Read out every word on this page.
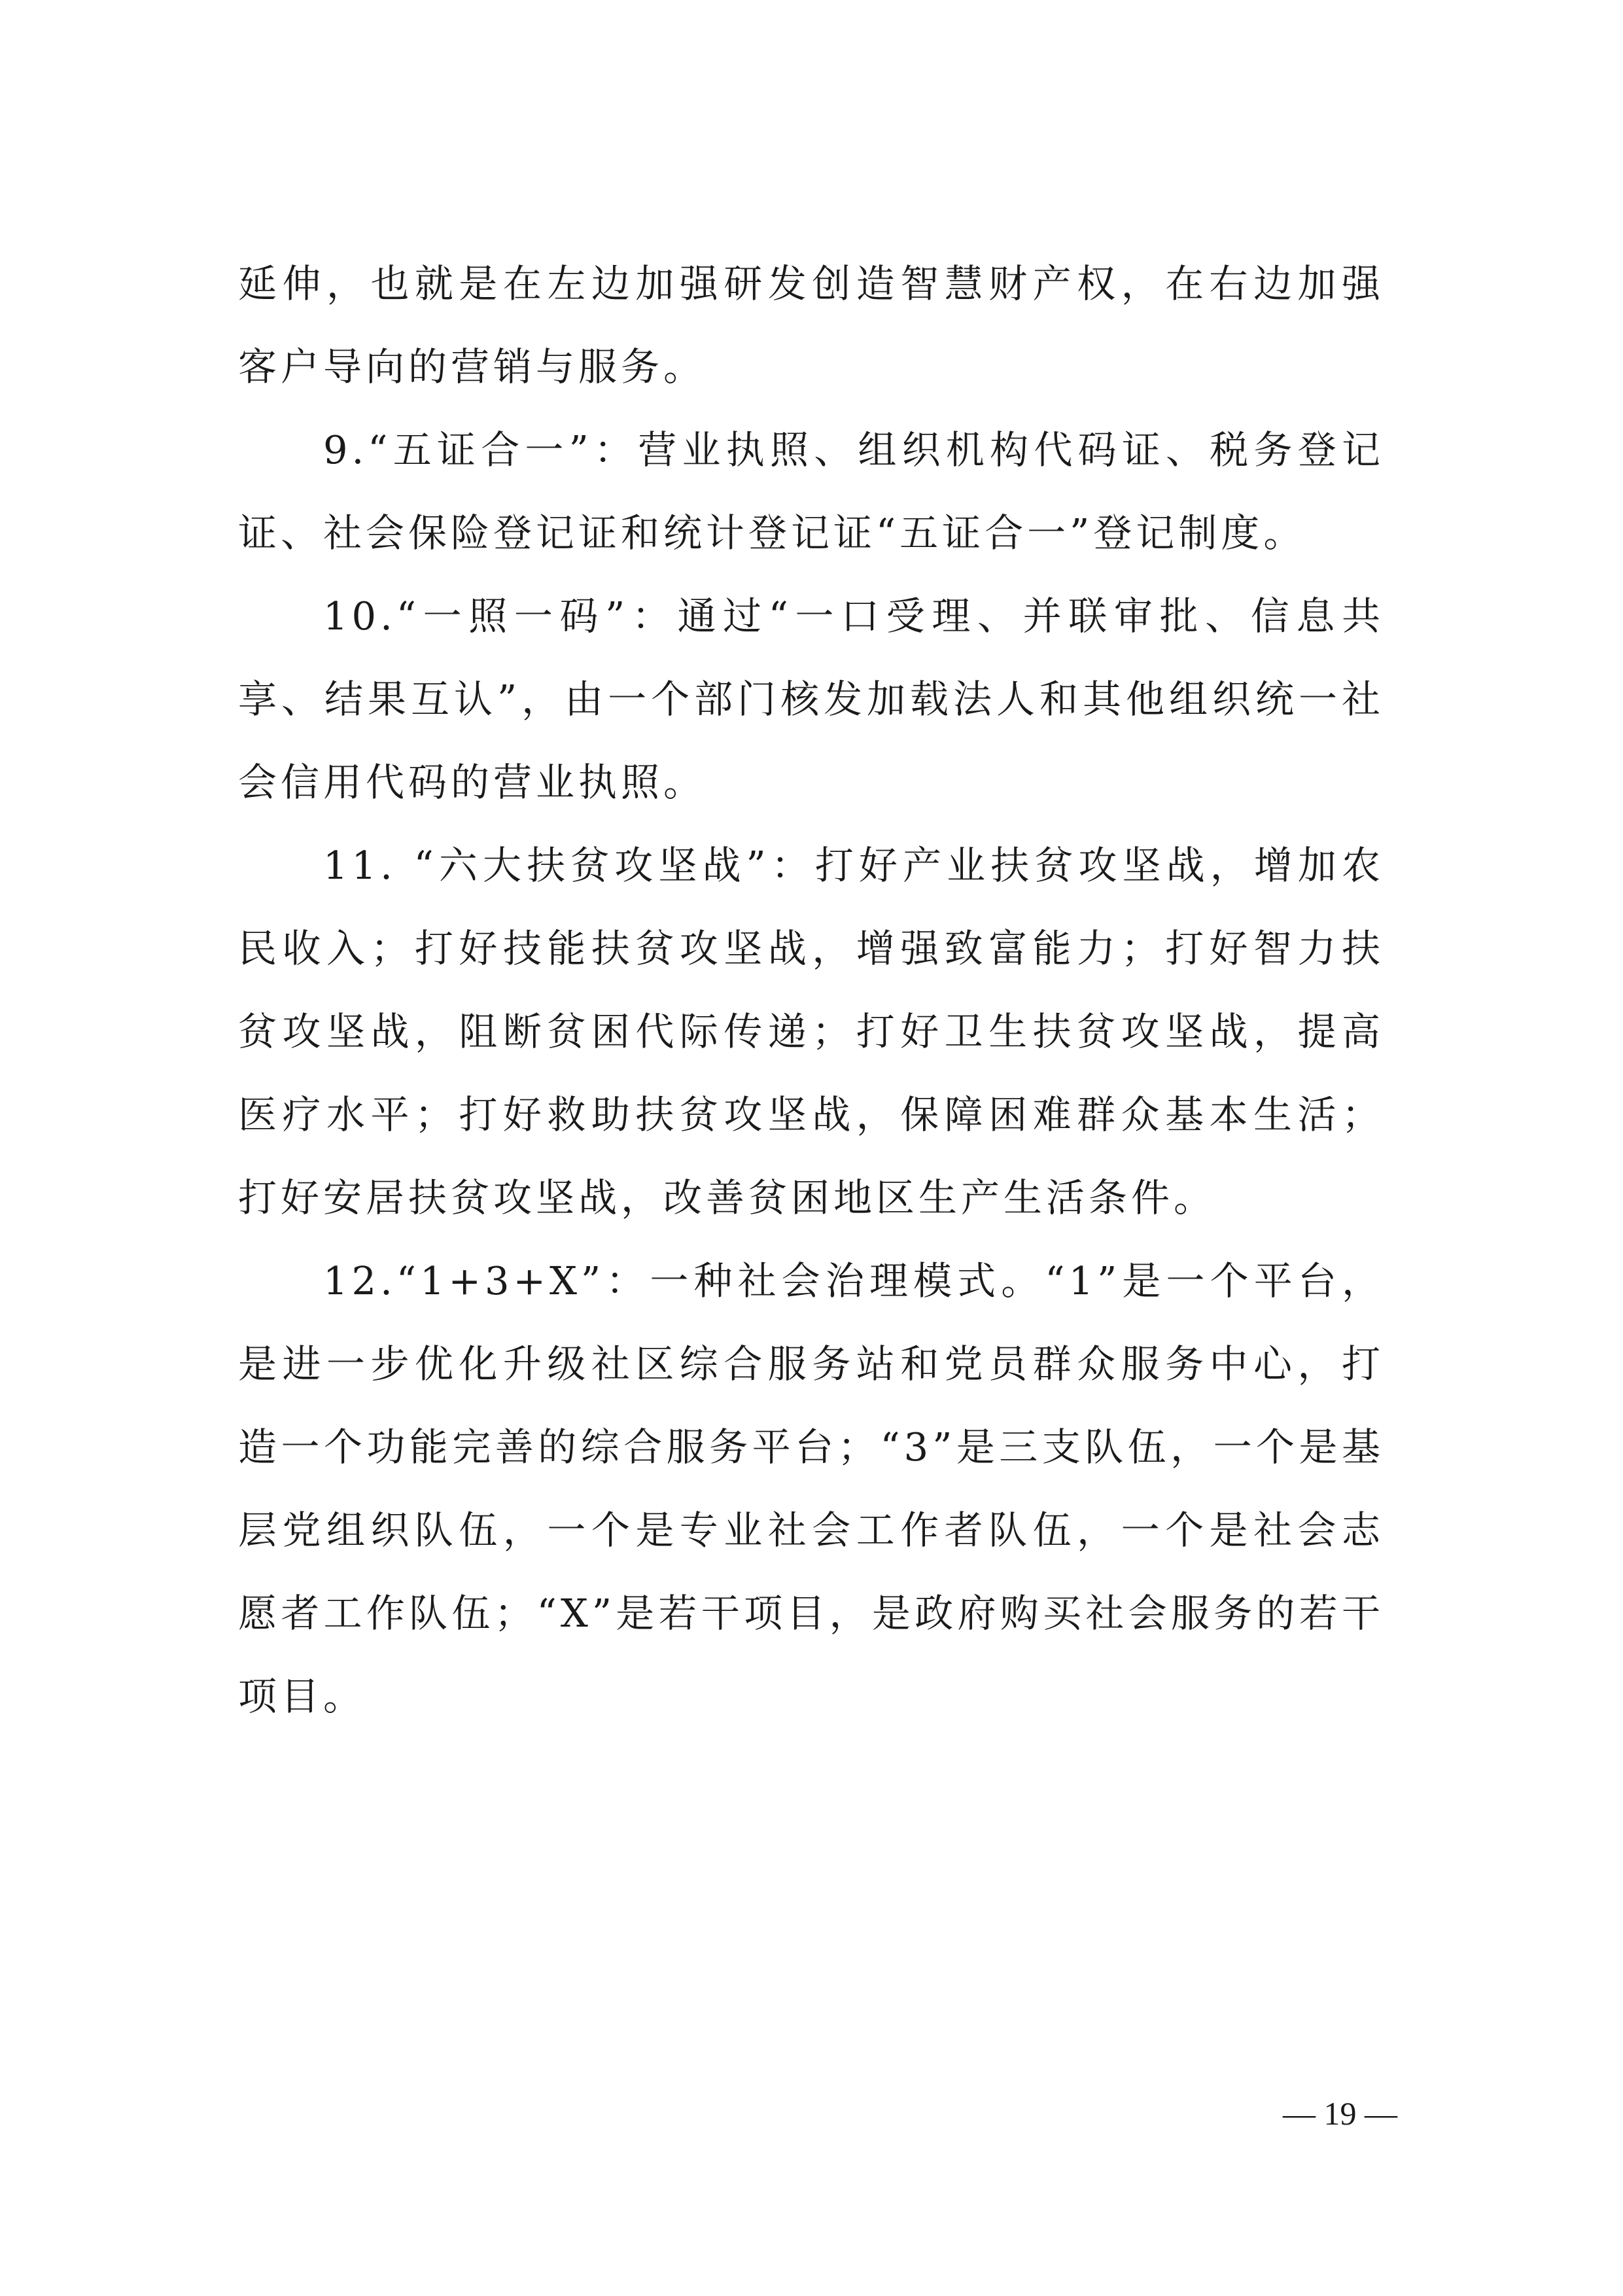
延伸，也就是在左边加强研发创造智慧财产权，在右边加强客户导向的营销与服务。

9.“五证合一”：营业执照、组织机构代码证、税务登记证、社会保险登记证和统计登记证“五证合一”登记制度。

10.“一照一码”：通过“一口受理、并联审批、信息共享、结果互认”，由一个部门核发加载法人和其他组织统一社会信用代码的营业执照。

11. “六大扶贫攻坚战”：打好产业扶贫攻坚战，增加农民收入；打好技能扶贫攻坚战，增强致富能力；打好智力扶贫攻坚战，阻断贫困代际传递；打好卫生扶贫攻坚战，提高医疗水平；打好救助扶贫攻坚战，保障困难群众基本生活；打好安居扶贫攻坚战，改善贫困地区生产生活条件。

12.“1+3+X”：一种社会治理模式。“1”是一个平台，是进一步优化升级社区综合服务站和党员群众服务中心，打造一个功能完善的综合服务平台；“3”是三支队伍，一个是基层党组织队伍，一个是专业社会工作者队伍，一个是社会志愿者工作队伍；“X”是若干项目，是政府购买社会服务的若干项目。

— 19 —
